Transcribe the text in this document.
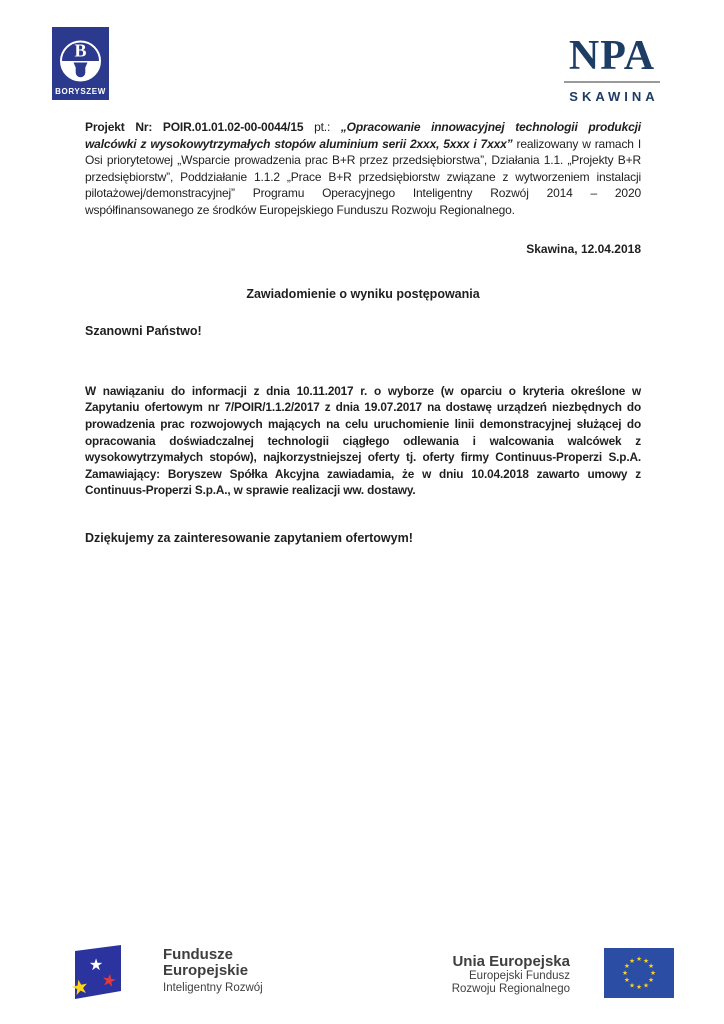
B
BORYSZEW
NPA
SKAWINA

Projekt Nr: POIR.01.01.02-00-0044/15 pt.: „Opracowanie innowacyjnej technologii produkcji walcówki z wysokowytrzymałych stopów aluminium serii 2xxx, 5xxx i 7xxx” realizowany w ramach I Osi priorytetowej „Wsparcie prowadzenia prac B+R przez przedsiębiorstwa”, Działania 1.1. „Projekty B+R przedsiębiorstw”, Poddziałanie 1.1.2 „Prace B+R przedsiębiorstw związane z wytworzeniem instalacji pilotażowej/demonstracyjnej” Programu Operacyjnego Inteligentny Rozwój 2014 – 2020 współfinansowanego ze środków Europejskiego Funduszu Rozwoju Regionalnego.

Skawina, 12.04.2018
Zawiadomienie o wyniku postępowania
Szanowni Państwo!

W nawiązaniu do informacji z dnia 10.11.2017 r. o wyborze (w oparciu o kryteria określone w Zapytaniu ofertowym nr 7/POIR/1.1.2/2017 z dnia 19.07.2017 na dostawę urządzeń niezbędnych do prowadzenia prac rozwojowych mających na celu uruchomienie linii demonstracyjnej służącej do opracowania doświadczalnej technologii ciągłego odlewania i walcowania walcówek z wysokowytrzymałych stopów), najkorzystniejszej oferty tj. oferty firmy Continuus-Properzi S.p.A. Zamawiający: Boryszew Spółka Akcyjna zawiadamia, że w dniu 10.04.2018 zawarto umowy z Continuus-Properzi S.p.A., w sprawie realizacji ww. dostawy.

Dziękujemy za zainteresowanie zapytaniem ofertowym!
★
★ ★
Fundusze
Europejskie
Inteligentny Rozwój
Unia Europejska
Europejski Fundusz
Rozwoju Regionalnego
★ ★
★
★
★
★
★
★
★
★
★
★
